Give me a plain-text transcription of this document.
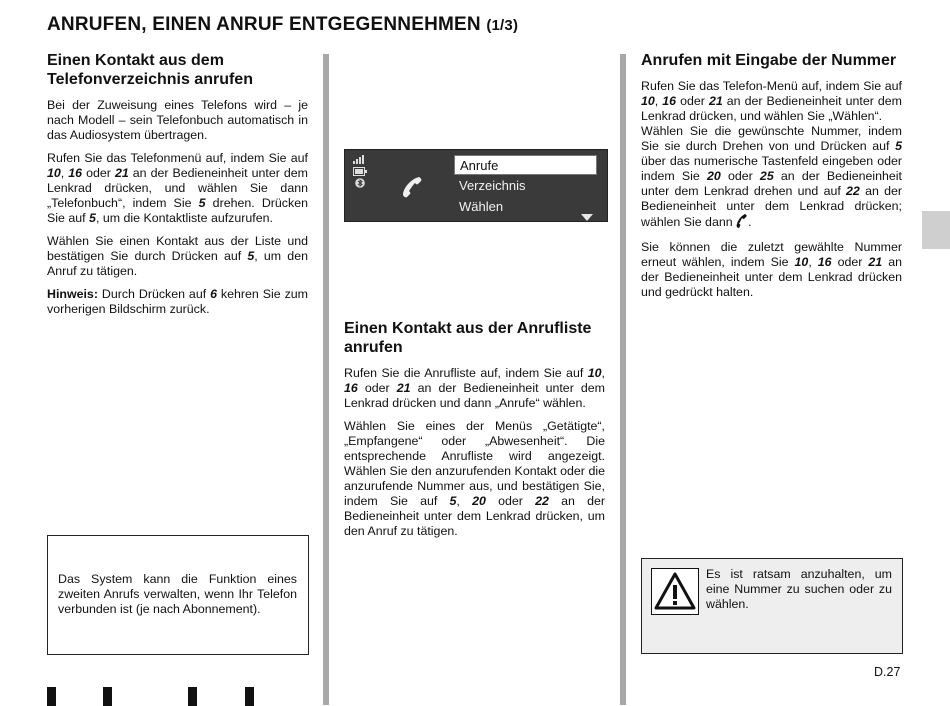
ANRUFEN, EINEN ANRUF ENTGEGENNEHMEN (1/3)
Einen Kontakt aus dem Telefonverzeichnis anrufen

Bei der Zuweisung eines Telefons wird – je nach Modell – sein Telefonbuch automatisch in das Audiosystem übertragen.

Rufen Sie das Telefonmenü auf, indem Sie auf 10, 16 oder 21 an der Bedieneinheit unter dem Lenkrad drücken, und wählen Sie dann „Telefonbuch“, indem Sie 5 drehen. Drücken Sie auf 5, um die Kontaktliste aufzurufen.

Wählen Sie einen Kontakt aus der Liste und bestätigen Sie durch Drücken auf 5, um den Anruf zu tätigen.

Hinweis: Durch Drücken auf 6 kehren Sie zum vorherigen Bildschirm zurück.

Das System kann die Funktion eines zweiten Anrufs verwalten, wenn Ihr Telefon verbunden ist (je nach Abonnement).

Anrufe
Verzeichnis
Wählen
Einen Kontakt aus der Anrufliste anrufen

Rufen Sie die Anrufliste auf, indem Sie auf 10, 16 oder 21 an der Bedieneinheit unter dem Lenkrad drücken und dann „Anrufe“ wählen.

Wählen Sie eines der Menüs „Getätigte“, „Empfangene“ oder „Abwesenheit“. Die entsprechende Anrufliste wird angezeigt. Wählen Sie den anzurufenden Kontakt oder die anzurufende Nummer aus, und bestätigen Sie, indem Sie auf 5, 20 oder 22 an der Bedieneinheit unter dem Lenkrad drücken, um den Anruf zu tätigen.

Anrufen mit Eingabe der Nummer

Rufen Sie das Telefon-Menü auf, indem Sie auf 10, 16 oder 21 an der Bedieneinheit unter dem Lenkrad drücken, und wählen Sie „Wählen“.
Wählen Sie die gewünschte Nummer, indem Sie sie durch Drehen von und Drücken auf 5 über das numerische Tastenfeld eingeben oder indem Sie 20 oder 25 an der Bedieneinheit unter dem Lenkrad drehen und auf 22 an der Bedieneinheit unter dem Lenkrad drücken; wählen Sie dann .

Sie können die zuletzt gewählte Nummer erneut wählen, indem Sie 10, 16 oder 21 an der Bedieneinheit unter dem Lenkrad drücken und gedrückt halten.

Es ist ratsam anzuhalten, um eine Nummer zu suchen oder zu wählen.

D.27
